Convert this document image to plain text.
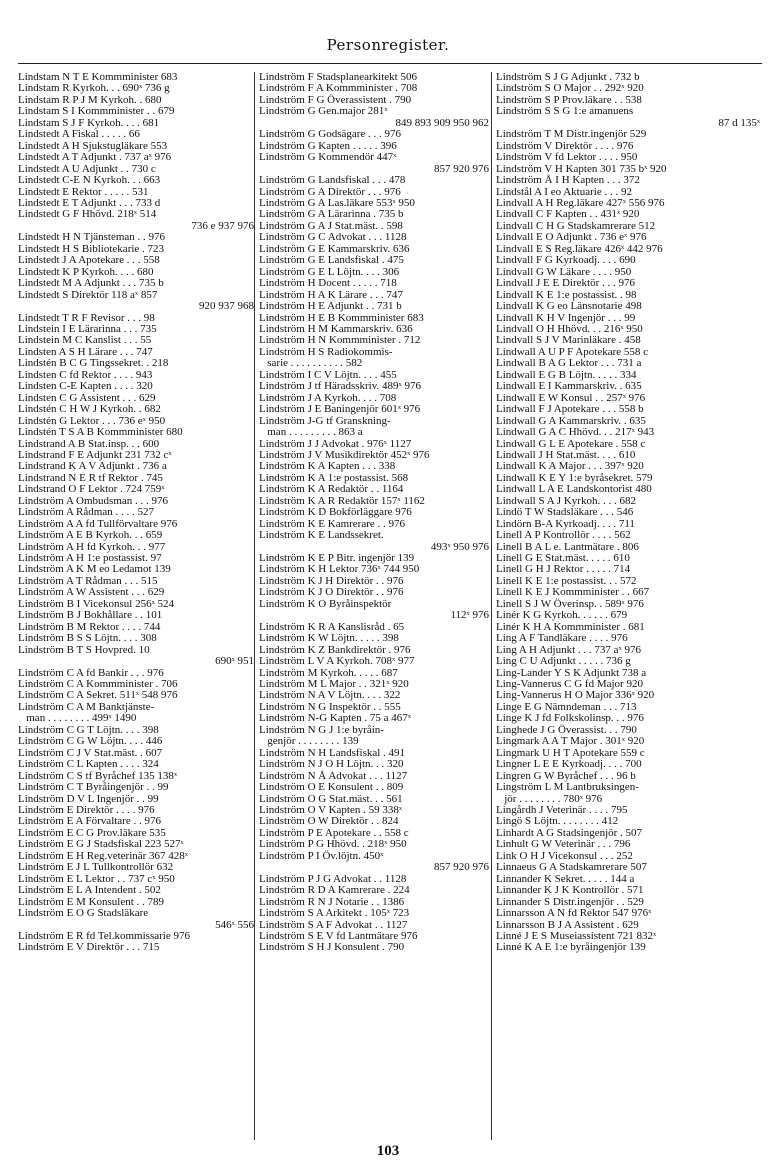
Personregister.
Lindstam N T E Kommminister 683
Lindstam R Kyrkoh. . . 690ˣ 736 g
Lindstam R P J M Kyrkoh. . 680
Lindstam S I Kommminister . . 679
Lindstam S J F Kyrkoh. . . . 681
Lindstedt A Fiskal . . . . . 66
Lindstedt A H Sjukstugläkare 553
Lindstedt A T Adjunkt . 737 aˣ 976
Lindstedt A U Adjunkt . . 730 c
Lindstedt C-E N Kyrkoh. . . 663
Lindstedt E Rektor . . . . . 531
Lindstedt E T Adjunkt . . . 733 d
Lindstedt G F Hhövd. 218ˣ 514
736 e 937 976
Lindstedt H N Tjänsteman . . 976
Lindstedt H S Bibliotekarie . 723
Lindstedt J A Apotekare . . . 558
Lindstedt K P Kyrkoh. . . . 680
Lindstedt M A Adjunkt . . . 735 b
Lindstedt S Direktör 118 aˣ 857
920 937 968
Lindstedt T R F Revisor . . . 98
Lindstein I E Lärarinna . . . 735
Lindstein M C Kanslist . . . 55
Lindsten A S H Lärare . . . 747
Lindstén B C G Tingssekret. . 218
Lindsten C fd Rektor . . . . 943
Lindsten C-E Kapten . . . . 320
Lindsten C G Assistent . . . 629
Lindstén C H W J Kyrkoh. . 682
Lindstén G Lektor . . . 736 eˣ 950
Lindstén T S A B Kommminister 680
Lindstrand A B Stat.insp. . . 600
Lindstrand F E Adjunkt 231 732 cˣ
Lindstrand K A V Adjunkt . 736 a
Lindstrand N E R tf Rektor . 745
Lindstrand O F Lektor . 724 759ˣ
Lindström A Ombudsman . . . 976
Lindström A Rådman . . . . 527
Lindström A A fd Tullförvaltare 976
Lindström A E B Kyrkoh. . . 659
Lindström A H fd Kyrkoh. . . 977
Lindström A H 1:e postassist. 97
Lindström A K M eo Ledamot 139
Lindström A T Rådman . . . 515
Lindström A W Assistent . . . 629
Lindström B I Vicekonsul 256ˣ 524
Lindström B J Bokhållare . . 101
Lindström B M Rektor . . . . 744
Lindström B S S Löjtn. . . . 308
Lindström B T S Hovpred. 10
690ˣ 951
Lindström C A fd Bankir . . . 976
Lindström C A Kommminister . 706
Lindström C A Sekret. 511ˣ 548 976
Lindström C A M Banktjänste-
man . . . . . . . . 499ˣ 1490
Lindström C G T Löjtn. . . . 398
Lindström C G W Löjtn. . . . 446
Lindström C J V Stat.mäst. . 607
Lindström C L Kapten . . . . 324
Lindström C S tf Byråchef 135 138ˣ
Lindström C T Byråingenjör . . 99
Lindström D V L Ingenjör . . 99
Lindström E Direktör . . . . 976
Lindström E A Förvaltare . . 976
Lindström E C G Prov.läkare 535
Lindström E G J Stadsfiskal 223 527ˣ
Lindström E H Reg.veterinär 367 428ˣ
Lindström E J L Tullkontrollör 632
Lindström E L Lektor . . 737 cˣ 950
Lindström E L A Intendent . 502
Lindström E M Konsulent . . 789
Lindström E O G Stadsläkare
546ˣ 556
Lindström E R fd Tel.kommissarie 976
Lindström E V Direktör . . . 715
Lindström F Stadsplanearkitekt 506
Lindström F A Kommminister . 708
Lindström F G Överassistent . 790
Lindström G Gen.major 281ˣ
849 893 909 950 962
Lindström G Godsägare . . . 976
Lindström G Kapten . . . . . 396
Lindström G Kommendör 447ˣ
857 920 976
Lindström G Landsfiskal . . . 478
Lindström G A Direktör . . . 976
Lindström G A Las.läkare 553ˣ 950
Lindström G A Lärarinna . 735 b
Lindström G A J Stat.mäst. . 598
Lindström G C Advokat . . . 1128
Lindström G E Kammarskriv. 636
Lindström G E Landsfiskal . 475
Lindström G E L Löjtn. . . . 306
Lindström H Docent . . . . . 718
Lindström H A K Lärare . . . 747
Lindström H E Adjunkt . . 731 b
Lindström H E B Kommminister 683
Lindström H M Kammarskriv. 636
Lindström H N Kommminister . 712
Lindström H S Radiokommis-
sarie . . . . . . . . . . 582
Lindström I C V Löjtn. . . . 455
Lindström J tf Häradsskriv. 489ˣ 976
Lindström J A Kyrkoh. . . . 708
Lindström J E Baningenjör 601ˣ 976
Lindström J-G tf Granskning-
man . . . . . . . . . 863 a
Lindström J J Advokat . 976ˣ 1127
Lindström J V Musikdirektör 452ˣ 976
Lindström K A Kapten . . . 338
Lindström K A 1:e postassist. 568
Lindström K A Redaktör . . 1164
Lindström K A R Redaktör 157ˣ 1162
Lindström K D Bokförläggare 976
Lindström K E Kamrerare . . 976
Lindström K E Landssekret.
493ˣ 950 976
Lindström K E P Bitr. ingenjör 139
Lindström K H Lektor 736ˣ 744 950
Lindström K J H Direktör . . 976
Lindström K J O Direktör . . 976
Lindström K O Byråinspektör
112ˣ 976
Lindström K R A Kanslisråd . 65
Lindström K W Löjtn. . . . . 398
Lindström K Z Bankdirektör . 976
Lindström L V A Kyrkoh. 708ˣ 977
Lindström M Kyrkoh. . . . . 687
Lindström M L Major . . 321ˣ 920
Lindström N A V Löjtn. . . . 322
Lindström N G Inspektör . . 555
Lindström N-G Kapten . 75 a 467ˣ
Lindström N G J 1:e byråin-
genjör . . . . . . . . 139
Lindström N H Landsfiskal . 491
Lindström N J O H Löjtn. . . 320
Lindström N Å Advokat . . . 1127
Lindström O E Konsulent . . 809
Lindström O G Stat.mäst. . . 561
Lindström O V Kapten . 59 338ˣ
Lindström O W Direktör . . 824
Lindström P E Apotekare . . 558 c
Lindström P G Hhövd. . 218ˣ 950
Lindström P I Öv.löjtn. 450ˣ
857 920 976
Lindström P J G Advokat . . 1128
Lindström R D A Kamrerare . 224
Lindström R N J Notarie . . 1386
Lindström S A Arkitekt . 105ˣ 723
Lindström S A F Advokat . . 1127
Lindström S E V fd Lantmätare 976
Lindström S H J Konsulent . 790
Lindström S J G Adjunkt . 732 b
Lindström S O Major . . 292ˣ 920
Lindström S P Prov.läkare . . 538
Lindström S S G 1:e amanuens
87 d 135ˣ
Lindström T M Distr.ingenjör 529
Lindström V Direktör . . . . 976
Lindström V fd Lektor . . . . 950
Lindström V H Kapten 301 735 bˣ 920
Lindström Å I H Kapten . . . 372
Lindstål A I eo Aktuarie . . . 92
Lindvall A H Reg.läkare 427ˣ 556 976
Lindvall C F Kapten . . 431ˣ 920
Lindvall C H G Stadskamrerare 512
Lindvall E O Adjunkt . 736 eˣ 976
Lindvall E S Reg.läkare 426ˣ 442 976
Lindvall F G Kyrkoadj. . . . 690
Lindvall G W Läkare . . . . 950
Lindvall J E E Direktör . . . 976
Lindvall K E 1:e postassist. . 98
Lindvall K G eo Länsnotarie 498
Lindvall K H V Ingenjör . . . 99
Lindvall O H Hhövd. . . 216ˣ 950
Lindvall S J V Marinläkare . 458
Lindwall A U P F Apotekare 558 c
Lindwall B A G Lektor . . . 731 a
Lindwall E G B Löjtn. . . . . 334
Lindwall E I Kammarskriv. . 635
Lindwall E W Konsul . . 257ˣ 976
Lindwall F J Apotekare . . . 558 b
Lindwall G A Kammarskriv. . 635
Lindwall G A C Hhövd. . . 217ˣ 943
Lindwall G L E Apotekare . 558 c
Lindwall J H Stat.mäst. . . . 610
Lindwall K A Major . . . 397ˣ 920
Lindwall K E Y 1:e byråsekret. 579
Lindwall L A E Landskontorist 480
Lindwall S A J Kyrkoh. . . . 682
Lindö T W Stadsläkare . . . 546
Lindörn B-A Kyrkoadj. . . . 711
Linell A P Kontrollör . . . . 562
Linell B A L e. Lantmätare . 806
Linell G E Stat.mäst. . . . . 610
Linell G H J Rektor . . . . . 714
Linell K E 1:e postassist. . . 572
Linell K E J Kommminister . . 667
Linell S J W Överinsp. . 589ˣ 976
Linér K G Kyrkoh. . . . . . 679
Linér K H A Kommminister . 681
Ling A F Tandläkare . . . . 976
Ling A H Adjunkt . . . 737 aˣ 976
Ling C U Adjunkt . . . . . 736 g
Ling-Lander Y S K Adjunkt 738 a
Ling-Vannerus C G fd Major 920
Ling-Vannerus H O Major 336ˣ 920
Linge E G Nämndeman . . . 713
Linge K J fd Folkskolinsp. . . 976
Linghede J G Överassist. . . 790
Lingmark A A T Major . 301ˣ 920
Lingmark U H T Apotekare 559 c
Lingner L E E Kyrkoadj. . . . 700
Lingren G W Byråchef . . . 96 b
Lingström L M Lantbruksingen-
jör . . . . . . . . 780ˣ 976
Lingårdh J Veterinär . . . . 795
Lingö S Löjtn. . . . . . . . 412
Linhardt A G Stadsingenjör . 507
Linhult G W Veterinär . . . 796
Link O H J Vicekonsul . . . 252
Linnaeus G A Stadskamrerare 507
Linnander K Sekret. . . . . 144 a
Linnander K J K Kontrollör . 571
Linnander S Distr.ingenjör . . 529
Linnarsson A N fd Rektor 547 976ˣ
Linnarsson B J A Assistent . 629
Linné J E S Museiassistent 721 832ˣ
Linné K A E 1:e byråingenjör 139
103
